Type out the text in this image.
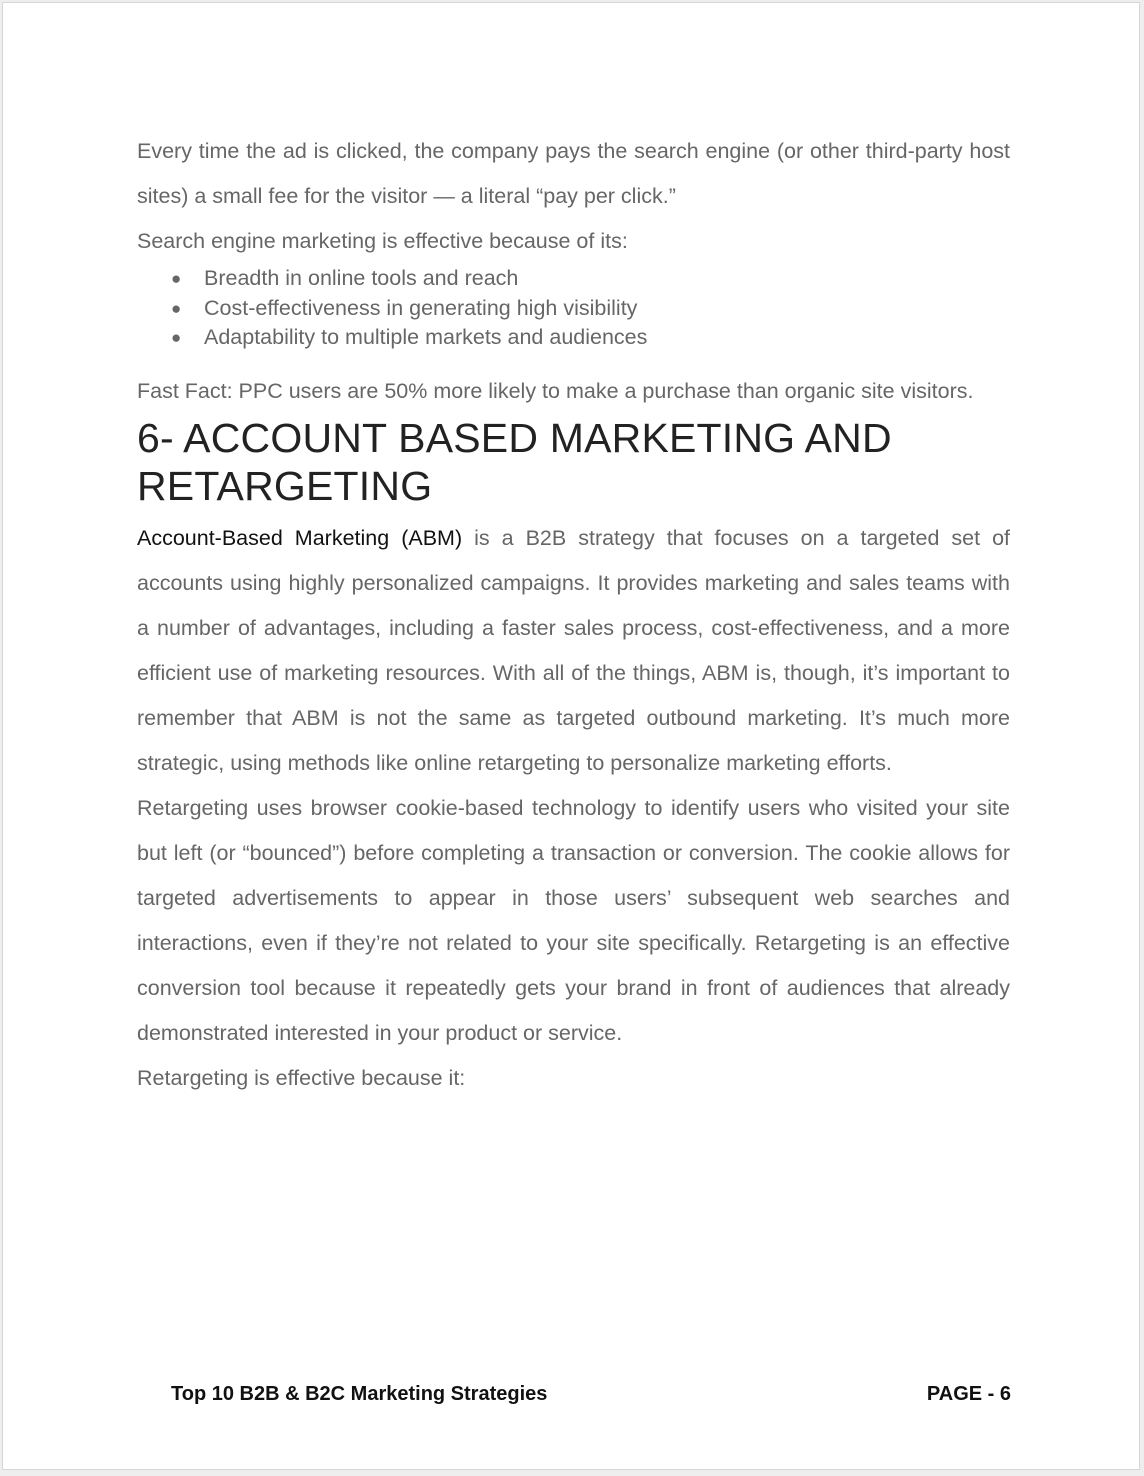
Every time the ad is clicked, the company pays the search engine (or other third-party host sites) a small fee for the visitor — a literal “pay per click.”

Search engine marketing is effective because of its:

● Breadth in online tools and reach
● Cost-effectiveness in generating high visibility
● Adaptability to multiple markets and audiences

Fast Fact: PPC users are 50% more likely to make a purchase than organic site visitors.

6- ACCOUNT BASED MARKETING AND RETARGETING

Account-Based Marketing (ABM) is a B2B strategy that focuses on a targeted set of accounts using highly personalized campaigns. It provides marketing and sales teams with a number of advantages, including a faster sales process, cost-effectiveness, and a more efficient use of marketing resources. With all of the things, ABM is, though, it’s important to remember that ABM is not the same as targeted outbound marketing. It’s much more strategic, using methods like online retargeting to personalize marketing efforts.

Retargeting uses browser cookie-based technology to identify users who visited your site but left (or “bounced”) before completing a transaction or conversion. The cookie allows for targeted advertisements to appear in those users’ subsequent web searches and interactions, even if they’re not related to your site specifically. Retargeting is an effective conversion tool because it repeatedly gets your brand in front of audiences that already demonstrated interested in your product or service.

Retargeting is effective because it:

Top 10 B2B & B2C Marketing Strategies	PAGE - 6
